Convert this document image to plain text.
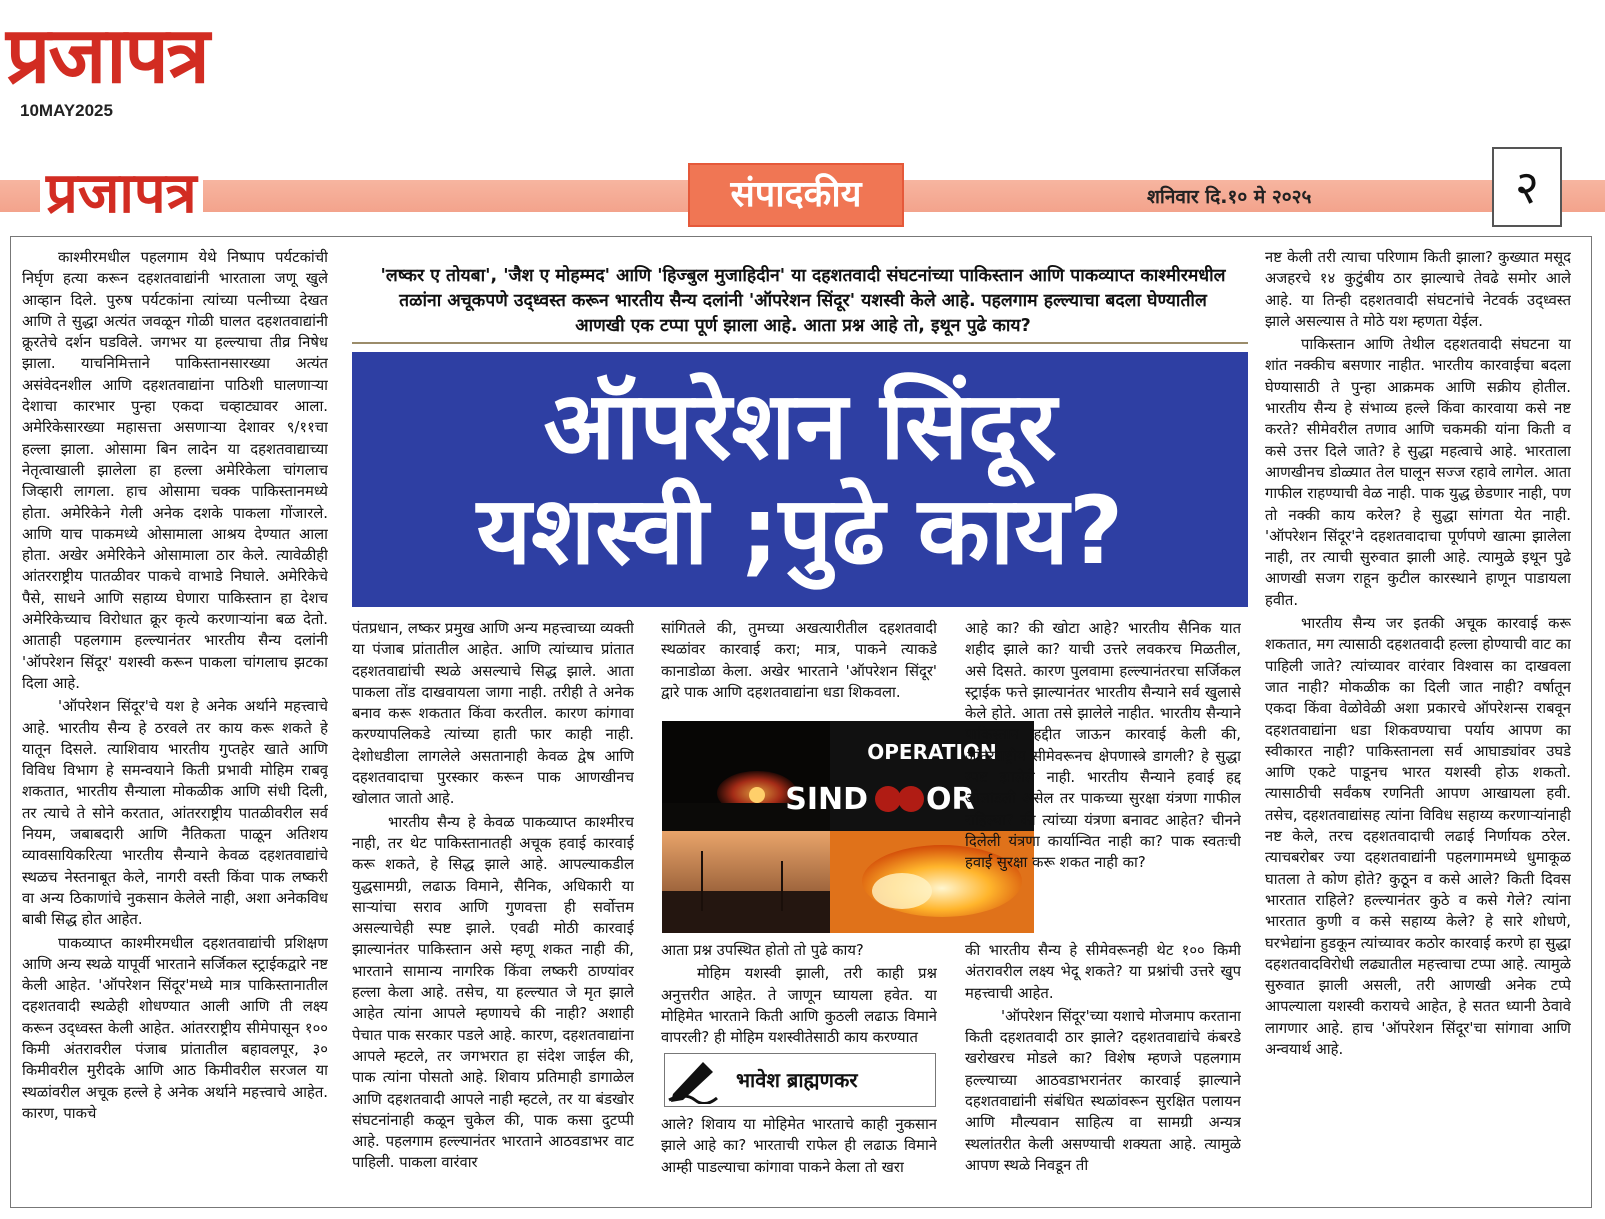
प्रजापत्र
10MAY2025
प्रजापत्र	संपादकीय	शनिवार दि.१० मे २०२५	२

काश्मीरमधील पहलगाम येथे निष्पाप पर्यटकांची निर्घृण हत्या करून दहशतवाद्यांनी भारताला जणू खुले आव्हान दिले. पुरुष पर्यटकांना त्यांच्या पत्नीच्या देखत आणि ते सुद्धा अत्यंत जवळून गोळी घालत दहशतवाद्यांनी क्रूरतेचे दर्शन घडविले. जगभर या हल्ल्याचा तीव्र निषेध झाला. याचनिमित्ताने पाकिस्तानसारख्या अत्यंत असंवेदनशील आणि दहशतवाद्यांना पाठिशी घालणाऱ्या देशाचा कारभार पुन्हा एकदा चव्हाट्यावर आला. अमेरिकेसारख्या महासत्ता असणाऱ्या देशावर ९/११चा हल्ला झाला. ओसामा बिन लादेन या दहशतवाद्याच्या नेतृत्वाखाली झालेला हा हल्ला अमेरिकेला चांगलाच जिव्हारी लागला. हाच ओसामा चक्क पाकिस्तानमध्ये होता. अमेरिकेने गेली अनेक दशके पाकला गोंजारले. आणि याच पाकमध्ये ओसामाला आश्रय देण्यात आला होता. अखेर अमेरिकेने ओसामाला ठार केले. त्यावेळीही आंतरराष्ट्रीय पातळीवर पाकचे वाभाडे निघाले. अमेरिकेचे पैसे, साधने आणि सहाय्य घेणारा पाकिस्तान हा देशच अमेरिकेच्याच विरोधात क्रूर कृत्ये करणाऱ्यांना बळ देतो. आताही पहलगाम हल्ल्यानंतर भारतीय सैन्य दलांनी 'ऑपरेशन सिंदूर' यशस्वी करून पाकला चांगलाच झटका दिला आहे.

'ऑपरेशन सिंदूर'चे यश हे अनेक अर्थाने महत्त्वाचे आहे. भारतीय सैन्य हे ठरवले तर काय करू शकते हे यातून दिसले. त्याशिवाय भारतीय गुप्तहेर खाते आणि विविध विभाग हे समन्वयाने किती प्रभावी मोहिम राबवू शकतात, भारतीय सैन्याला मोकळीक आणि संधी दिली, तर त्याचे ते सोने करतात, आंतरराष्ट्रीय पातळीवरील सर्व नियम, जबाबदारी आणि नैतिकता पाळून अतिशय व्यावसायिकरित्या भारतीय सैन्याने केवळ दहशतवाद्यांचे स्थळच नेस्तनाबूत केले, नागरी वस्ती किंवा पाक लष्करी वा अन्य ठिकाणांचे नुकसान केलेले नाही, अशा अनेकविध बाबी सिद्ध होत आहेत.

पाकव्याप्त काश्मीरमधील दहशतवाद्यांची प्रशिक्षण आणि अन्य स्थळे यापूर्वी भारताने सर्जिकल स्ट्राईकद्वारे नष्ट केली आहेत. 'ऑपरेशन सिंदूर'मध्ये मात्र पाकिस्तानातील दहशतवादी स्थळेही शोधण्यात आली आणि ती लक्ष्य करून उद्ध्वस्त केली आहेत. आंतरराष्ट्रीय सीमेपासून १०० किमी अंतरावरील पंजाब प्रांतातील बहावलपूर, ३० किमीवरील मुरीदके आणि आठ किमीवरील सरजल या स्थळांवरील अचूक हल्ले हे अनेक अर्थाने महत्त्वाचे आहेत. कारण, पाकचे

'लष्कर ए तोयबा', 'जैश ए मोहम्मद' आणि 'हिज्बुल मुजाहिदीन' या दहशतवादी संघटनांच्या पाकिस्तान आणि पाकव्याप्त काश्मीरमधील तळांना अचूकपणे उद्ध्वस्त करून भारतीय सैन्य दलांनी 'ऑपरेशन सिंदूर' यशस्वी केले आहे. पहलगाम हल्ल्याचा बदला घेण्यातील आणखी एक टप्पा पूर्ण झाला आहे. आता प्रश्न आहे तो, इथून पुढे काय?
ऑपरेशन सिंदूर
यशस्वी ;पुढे काय?

पंतप्रधान, लष्कर प्रमुख आणि अन्य महत्त्वाच्या व्यक्ती या पंजाब प्रांतातील आहेत. आणि त्यांच्याच प्रांतात दहशतवाद्यांची स्थळे असल्याचे सिद्ध झाले. आता पाकला तोंड दाखवायला जागा नाही. तरीही ते अनेक बनाव करू शकतात किंवा करतील. कारण कांगावा करण्यापलिकडे त्यांच्या हाती फार काही नाही. देशोधडीला लागलेले असतानाही केवळ द्वेष आणि दहशतवादाचा पुरस्कार करून पाक आणखीनच खोलात जातो आहे.

भारतीय सैन्य हे केवळ पाकव्याप्त काश्मीरच नाही, तर थेट पाकिस्तानातही अचूक हवाई कारवाई करू शकते, हे सिद्ध झाले आहे. आपल्याकडील युद्धसामग्री, लढाऊ विमाने, सैनिक, अधिकारी या साऱ्यांचा सराव आणि गुणवत्ता ही सर्वोत्तम असल्याचेही स्पष्ट झाले. एवढी मोठी कारवाई झाल्यानंतर पाकिस्तान असे म्हणू शकत नाही की, भारताने सामान्य नागरिक किंवा लष्करी ठाण्यांवर हल्ला केला आहे. तसेच, या हल्ल्यात जे मृत झाले आहेत त्यांना आपले म्हणायचे की नाही? अशाही पेचात पाक सरकार पडले आहे. कारण, दहशतवाद्यांना आपले म्हटले, तर जगभरात हा संदेश जाईल की, पाक त्यांना पोसतो आहे. शिवाय प्रतिमाही डागाळेल आणि दहशतवादी आपले नाही म्हटले, तर या बंडखोर संघटनांनाही कळून चुकेल की, पाक कसा दुटप्पी आहे. पहलगाम हल्ल्यानंतर भारताने आठवडाभर वाट पाहिली. पाकला वारंवार

सांगितले की, तुमच्या अखत्यारीतील दहशतवादी स्थळांवर कारवाई करा; मात्र, पाकने त्याकडे कानाडोळा केला. अखेर भारताने 'ऑपरेशन सिंदूर' द्वारे पाक आणि दहशतवाद्यांना धडा शिकवला.

OPERATION
SIND OR

आता प्रश्न उपस्थित होतो तो पुढे काय?

मोहिम यशस्वी झाली, तरी काही प्रश्न अनुत्तरीत आहेत. ते जाणून घ्यायला हवेत. या मोहिमेत भारताने किती आणि कुठली लढाऊ विमाने वापरली? ही मोहिम यशस्वीतेसाठी काय करण्यात

भावेश ब्राह्मणकर

आले? शिवाय या मोहिमेत भारताचे काही नुकसान झाले आहे का? भारताची राफेल ही लढाऊ विमाने आम्ही पाडल्याचा कांगावा पाकने केला तो खरा

आहे का? की खोटा आहे? भारतीय सैनिक यात शहीद झाले का? याची उत्तरे लवकरच मिळतील, असे दिसते. कारण पुलवामा हल्ल्यानंतरचा सर्जिकल स्ट्राईक फत्ते झाल्यानंतर भारतीय सैन्याने सर्व खुलासे केले होते. आता तसे झालेले नाहीत. भारतीय सैन्याने पाकिस्तान हद्दीत जाऊन कारवाई केली की, आंतरराष्ट्रीय सीमेवरूनच क्षेपणास्त्रे डागली? हे सुद्धा स्पष्ट झालेले नाही. भारतीय सैन्याने हवाई हद्द ओलांडली असेल तर पाकच्या सुरक्षा यंत्रणा गाफील राहिल्या? की त्यांच्या यंत्रणा बनावट आहेत? चीनने दिलेली यंत्रणा कार्यान्वित नाही का? पाक स्वतःची हवाई सुरक्षा करू शकत नाही का?

की भारतीय सैन्य हे सीमेवरूनही थेट १०० किमी अंतरावरील लक्ष्य भेदू शकते? या प्रश्नांची उत्तरे खुप महत्त्वाची आहेत.

'ऑपरेशन सिंदूर'च्या यशाचे मोजमाप करताना किती दहशतवादी ठार झाले? दहशतवाद्यांचे कंबरडे खरोखरच मोडले का? विशेष म्हणजे पहलगाम हल्ल्याच्या आठवडाभरानंतर कारवाई झाल्याने दहशतवाद्यांनी संबंधित स्थळांवरून सुरक्षित पलायन आणि मौल्यवान साहित्य वा सामग्री अन्यत्र स्थलांतरीत केली असण्याची शक्यता आहे. त्यामुळे आपण स्थळे निवडून ती

नष्ट केली तरी त्याचा परिणाम किती झाला? कुख्यात मसूद अजहरचे १४ कुटुंबीय ठार झाल्याचे तेवढे समोर आले आहे. या तिन्ही दहशतवादी संघटनांचे नेटवर्क उद्ध्वस्त झाले असल्यास ते मोठे यश म्हणता येईल.

पाकिस्तान आणि तेथील दहशतवादी संघटना या शांत नक्कीच बसणार नाहीत. भारतीय कारवाईचा बदला घेण्यासाठी ते पुन्हा आक्रमक आणि सक्रीय होतील. भारतीय सैन्य हे संभाव्य हल्ले किंवा कारवाया कसे नष्ट करते? सीमेवरील तणाव आणि चकमकी यांना किती व कसे उत्तर दिले जाते? हे सुद्धा महत्वाचे आहे. भारताला आणखीनच डोळ्यात तेल घालून सज्ज रहावे लागेल. आता गाफील राहण्याची वेळ नाही. पाक युद्ध छेडणार नाही, पण तो नक्की काय करेल? हे सुद्धा सांगता येत नाही. 'ऑपरेशन सिंदूर'ने दहशतवादाचा पूर्णपणे खात्मा झालेला नाही, तर त्याची सुरुवात झाली आहे. त्यामुळे इथून पुढे आणखी सजग राहून कुटील कारस्थाने हाणून पाडायला हवीत.

भारतीय सैन्य जर इतकी अचूक कारवाई करू शकतात, मग त्यासाठी दहशतवादी हल्ला होण्याची वाट का पाहिली जाते? त्यांच्यावर वारंवार विश्वास का दाखवला जात नाही? मोकळीक का दिली जात नाही? वर्षातून एकदा किंवा वेळोवेळी अशा प्रकारचे ऑपरेशन्स राबवून दहशतवाद्यांना धडा शिकवण्याचा पर्याय आपण का स्वीकारत नाही? पाकिस्तानला सर्व आघाड्यांवर उघडे आणि एकटे पाडूनच भारत यशस्वी होऊ शकतो. त्यासाठीची सर्वंकष रणनिती आपण आखायला हवी. तसेच, दहशतवाद्यांसह त्यांना विविध सहाय्य करणाऱ्यांनाही नष्ट केले, तरच दहशतवादाची लढाई निर्णायक ठरेल. त्याचबरोबर ज्या दहशतवाद्यांनी पहलगाममध्ये धुमाकूळ घातला ते कोण होते? कुठून व कसे आले? किती दिवस भारतात राहिले? हल्ल्यानंतर कुठे व कसे गेले? त्यांना भारतात कुणी व कसे सहाय्य केले? हे सारे शोधणे, घरभेद्यांना हुडकून त्यांच्यावर कठोर कारवाई करणे हा सुद्धा दहशतवादविरोधी लढ्यातील महत्त्वाचा टप्पा आहे. त्यामुळे सुरुवात झाली असली, तरी आणखी अनेक टप्पे आपल्याला यशस्वी करायचे आहेत, हे सतत ध्यानी ठेवावे लागणार आहे. हाच 'ऑपरेशन सिंदूर'चा सांगावा आणि अन्वयार्थ आहे.
